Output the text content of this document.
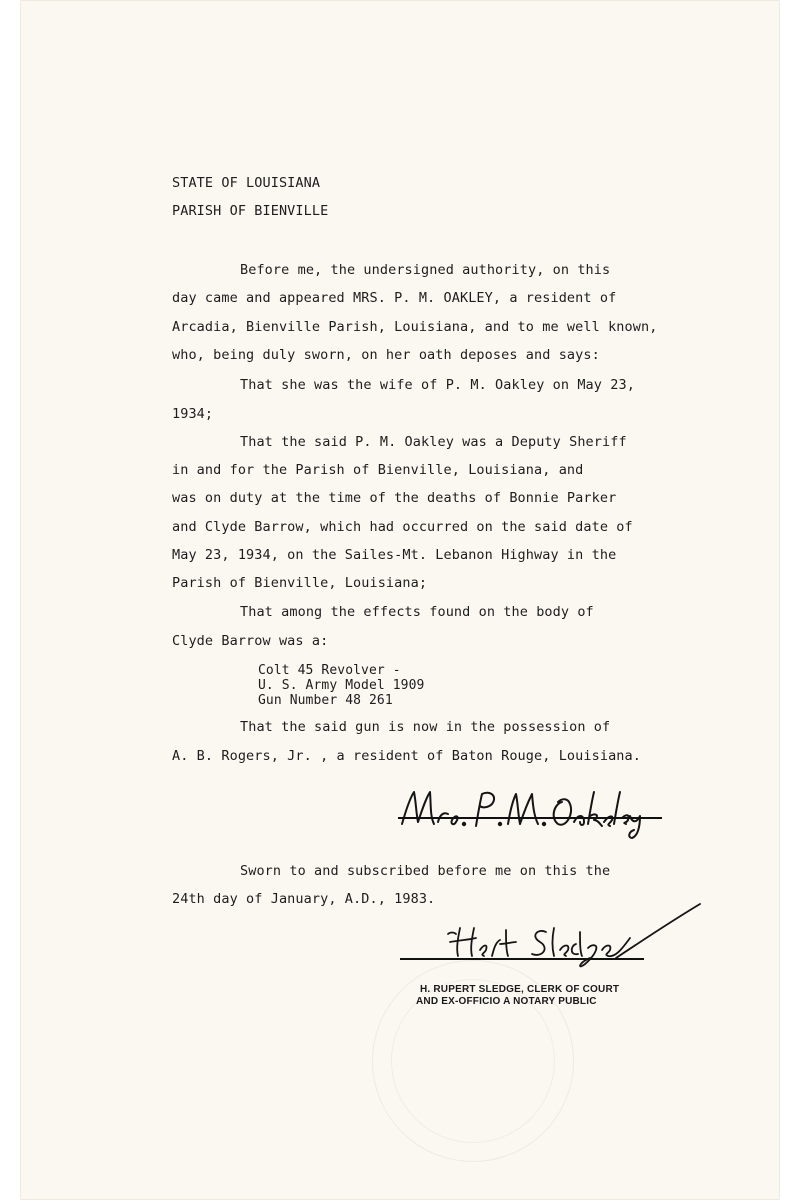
STATE OF LOUISIANA
PARISH OF BIENVILLE
Before me, the undersigned authority, on this
day came and appeared MRS. P. M. OAKLEY, a resident of
Arcadia, Bienville Parish, Louisiana, and to me well known,
who, being duly sworn, on her oath deposes and says:
That she was the wife of P. M. Oakley on May 23,
1934;
That the said P. M. Oakley was a Deputy Sheriff
in and for the Parish of Bienville, Louisiana, and
was on duty at the time of the deaths of Bonnie Parker
and Clyde Barrow, which had occurred on the said date of
May 23, 1934, on the Sailes-Mt. Lebanon Highway in the
Parish of Bienville, Louisiana;
That among the effects found on the body of
Clyde Barrow was a:
Colt 45 Revolver -
U. S. Army Model 1909
Gun Number 48 261
That the said gun is now in the possession of
A. B. Rogers, Jr. , a resident of Baton Rouge, Louisiana.
Sworn to and subscribed before me on this the
24th day of January, A.D., 1983.
H. RUPERT SLEDGE, CLERK OF COURT
AND EX-OFFICIO A NOTARY PUBLIC
